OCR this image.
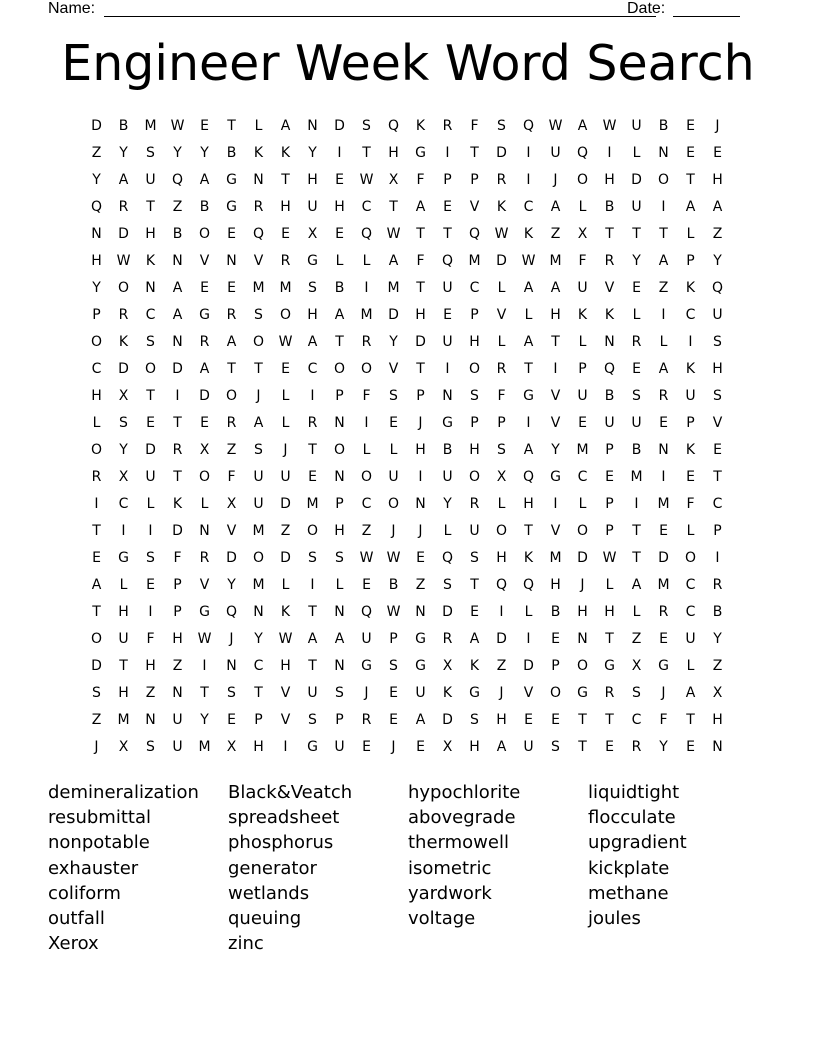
Name:	Date:
Engineer Week Word Search
D	B	M	W	E	T	L	A	N	D	S	Q	K	R	F	S	Q	W	A	W	U	B	E	J
Z	Y	S	Y	Y	B	K	K	Y	I	T	H	G	I	T	D	I	U	Q	I	L	N	E	E
Y	A	U	Q	A	G	N	T	H	E	W	X	F	P	P	R	I	J	O	H	D	O	T	H
Q	R	T	Z	B	G	R	H	U	H	C	T	A	E	V	K	C	A	L	B	U	I	A	A
N	D	H	B	O	E	Q	E	X	E	Q	W	T	T	Q	W	K	Z	X	T	T	T	L	Z
H	W	K	N	V	N	V	R	G	L	L	A	F	Q	M	D	W	M	F	R	Y	A	P	Y
Y	O	N	A	E	E	M	M	S	B	I	M	T	U	C	L	A	A	U	V	E	Z	K	Q
P	R	C	A	G	R	S	O	H	A	M	D	H	E	P	V	L	H	K	K	L	I	C	U
O	K	S	N	R	A	O	W	A	T	R	Y	D	U	H	L	A	T	L	N	R	L	I	S
C	D	O	D	A	T	T	E	C	O	O	V	T	I	O	R	T	I	P	Q	E	A	K	H
H	X	T	I	D	O	J	L	I	P	F	S	P	N	S	F	G	V	U	B	S	R	U	S
L	S	E	T	E	R	A	L	R	N	I	E	J	G	P	P	I	V	E	U	U	E	P	V
O	Y	D	R	X	Z	S	J	T	O	L	L	H	B	H	S	A	Y	M	P	B	N	K	E
R	X	U	T	O	F	U	U	E	N	O	U	I	U	O	X	Q	G	C	E	M	I	E	T
I	C	L	K	L	X	U	D	M	P	C	O	N	Y	R	L	H	I	L	P	I	M	F	C
T	I	I	D	N	V	M	Z	O	H	Z	J	J	L	U	O	T	V	O	P	T	E	L	P
E	G	S	F	R	D	O	D	S	S	W W	E	Q	S	H	K	M	D	W	T	D	O	I
A	L	E	P	V	Y	M	L	I	L	E	B	Z	S	T	Q	Q	H	J	L	A	M	C	R
T	H	I	P	G	Q	N	K	T	N	Q	W	N	D	E	I	L	B	H	H	L	R	C	B
O	U	F	H	W	J	Y	W	A	A	U	P	G	R	A	D	I	E	N	T	Z	E	U	Y
D	T	H	Z	I	N	C	H	T	N	G	S	G	X	K	Z	D	P	O	G	X	G	L	Z
S	H	Z	N	T	S	T	V	U	S	J	E	U	K	G	J	V	O	G	R	S	J	A	X
Z	M	N	U	Y	E	P	V	S	P	R	E	A	D	S	H	E	E	T	T	C	F	T	H
J	X	S	U	M	X	H	I	G	U	E	J	E	X	H	A	U	S	T	E	R	Y	E	N
demineralization
resubmittal
nonpotable
exhauster
coliform
outfall
Xerox
Black&Veatch
spreadsheet
phosphorus
generator
wetlands
queuing
zinc
hypochlorite
abovegrade
thermowell
isometric
yardwork
voltage
liquidtight
flocculate
upgradient
kickplate
methane
joules
